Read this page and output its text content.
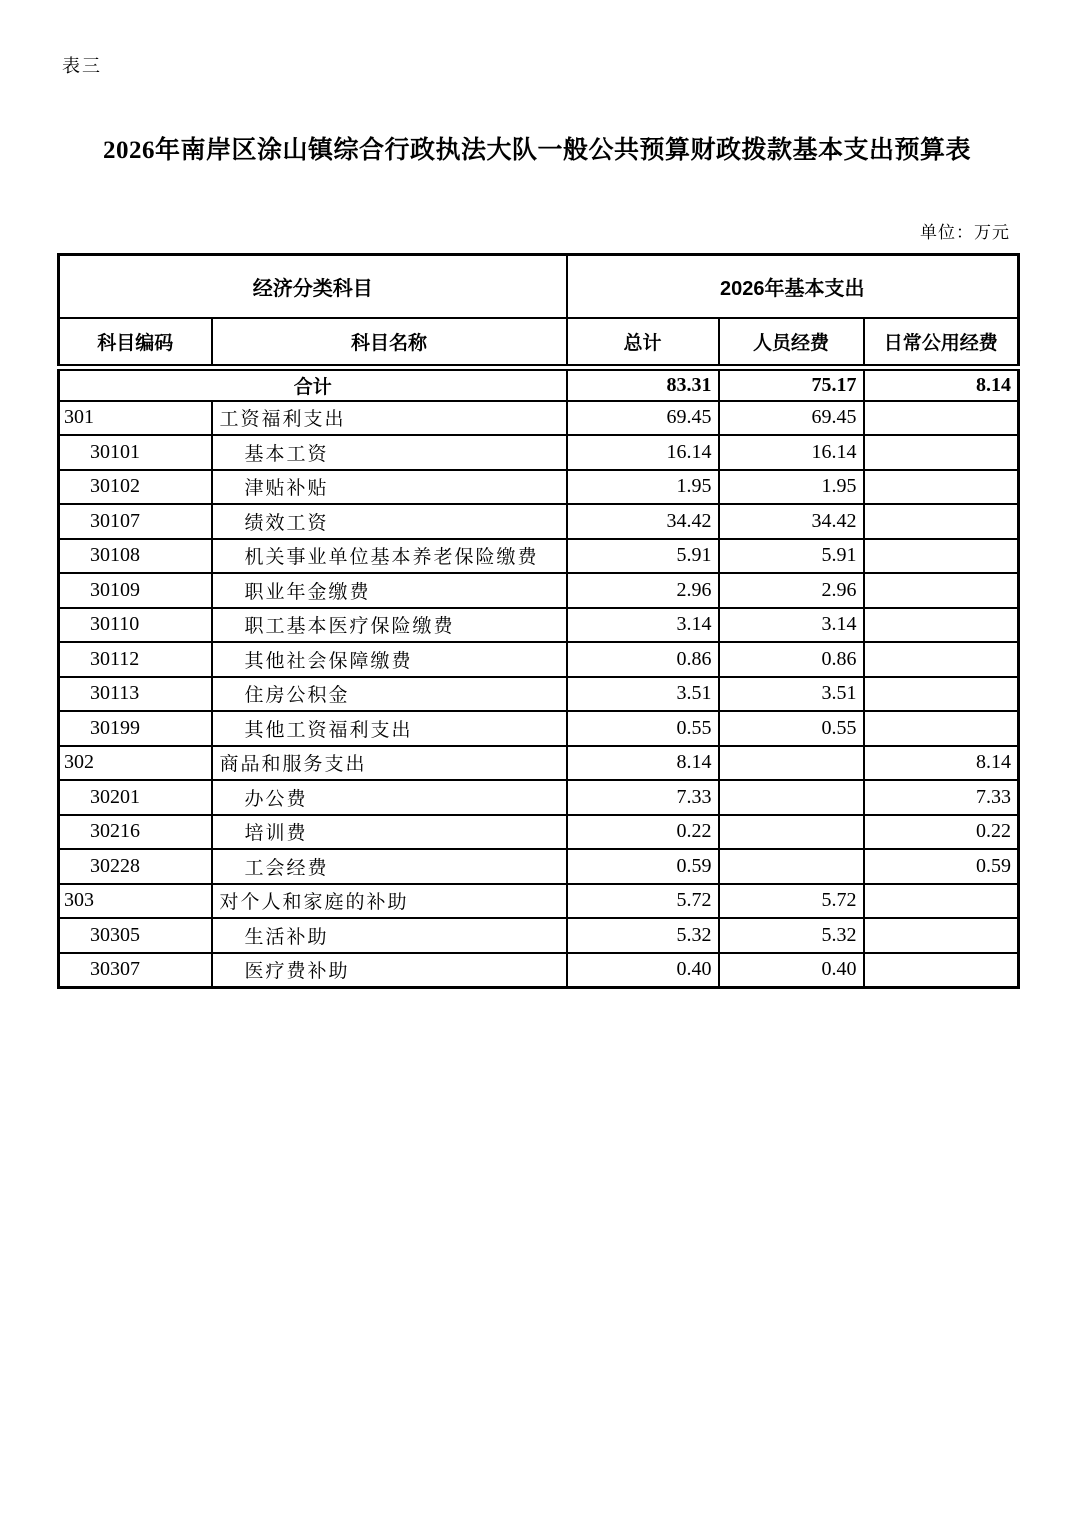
表三
2026年南岸区涂山镇综合行政执法大队一般公共预算财政拨款基本支出预算表
单位：万元
经济分类科目		2026年基本支出		
科目编码	科目名称	总计	人员经费	日常公用经费
合计		83.31	75.17	8.14
301	工资福利支出	69.45	69.45	
30101	基本工资	16.14	16.14	
30102	津贴补贴	1.95	1.95	
30107	绩效工资	34.42	34.42	
30108	机关事业单位基本养老保险缴费	5.91	5.91	
30109	职业年金缴费	2.96	2.96	
30110	职工基本医疗保险缴费	3.14	3.14	
30112	其他社会保障缴费	0.86	0.86	
30113	住房公积金	3.51	3.51	
30199	其他工资福利支出	0.55	0.55	
302	商品和服务支出	8.14		8.14
30201	办公费	7.33		7.33
30216	培训费	0.22		0.22
30228	工会经费	0.59		0.59
303	对个人和家庭的补助	5.72	5.72	
30305	生活补助	5.32	5.32	
30307	医疗费补助	0.40	0.40	
